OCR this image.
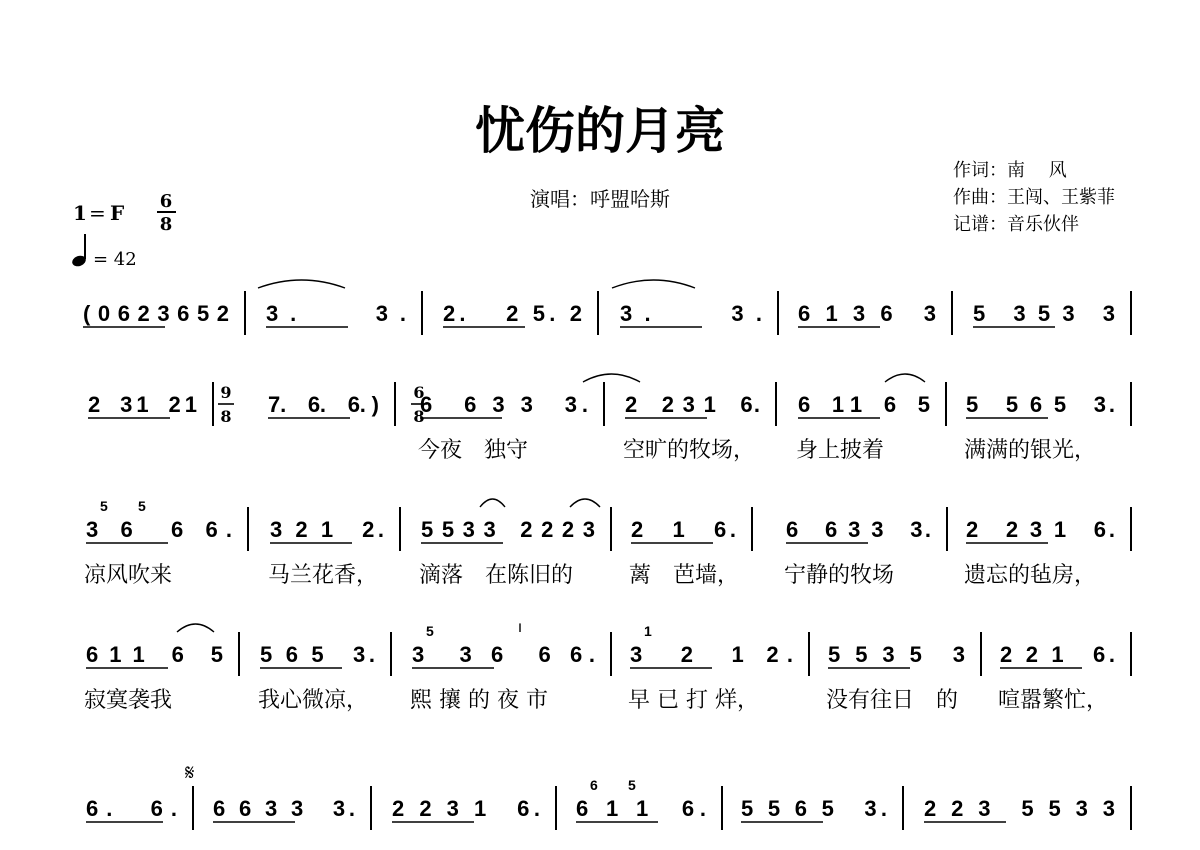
忧伤的月亮
演唱：呼盟哈斯
作词：南　 风
作曲：王闯、王紫菲
记谱：音乐伙伴
1 = F 6
8
= 42
( 0 6 2 3 6 5 2 3.　　3. 2.　 2 5. 2 3.　　3. 6 1 3 6　3 5　3 5 3　3
2　3 1　2 1	7.　6.　6. ) 6　6 3 3　3.
今夜　独守
2　2 3 1　6.
空旷的牧场，
6　1 1　6　5
身上披着
5　5 6 5　3.
满满的银光，
9
8
6
8
3 6　6 6.
5 5
凉风吹来
3 2 1　2.
马兰花香，
5 5 3 3　2 2 2 3
滴落　在陈旧的
2　1　6.
蓠　芭墙，
6　6 3 3　3.
宁静的牧场
2　2 3 1　6.
遗忘的毡房，
6 1 1　6　5
寂寞袭我
5 6 5　3.
我心微凉，
3　3 6　6 6.
5
熙 攘 的 夜 市
3　2　1 2.
1
早 已 打 烊，
5 5 3 5　3
没有往日　的
2 2 1　6.
喧嚣繁忙，
6.　6. 6 6 3 3　3. 2 2 3 1　6. 6 1 1　6.
6 5
5 5 6 5　3. 2 2 3　5 5 3 3
𝄋
